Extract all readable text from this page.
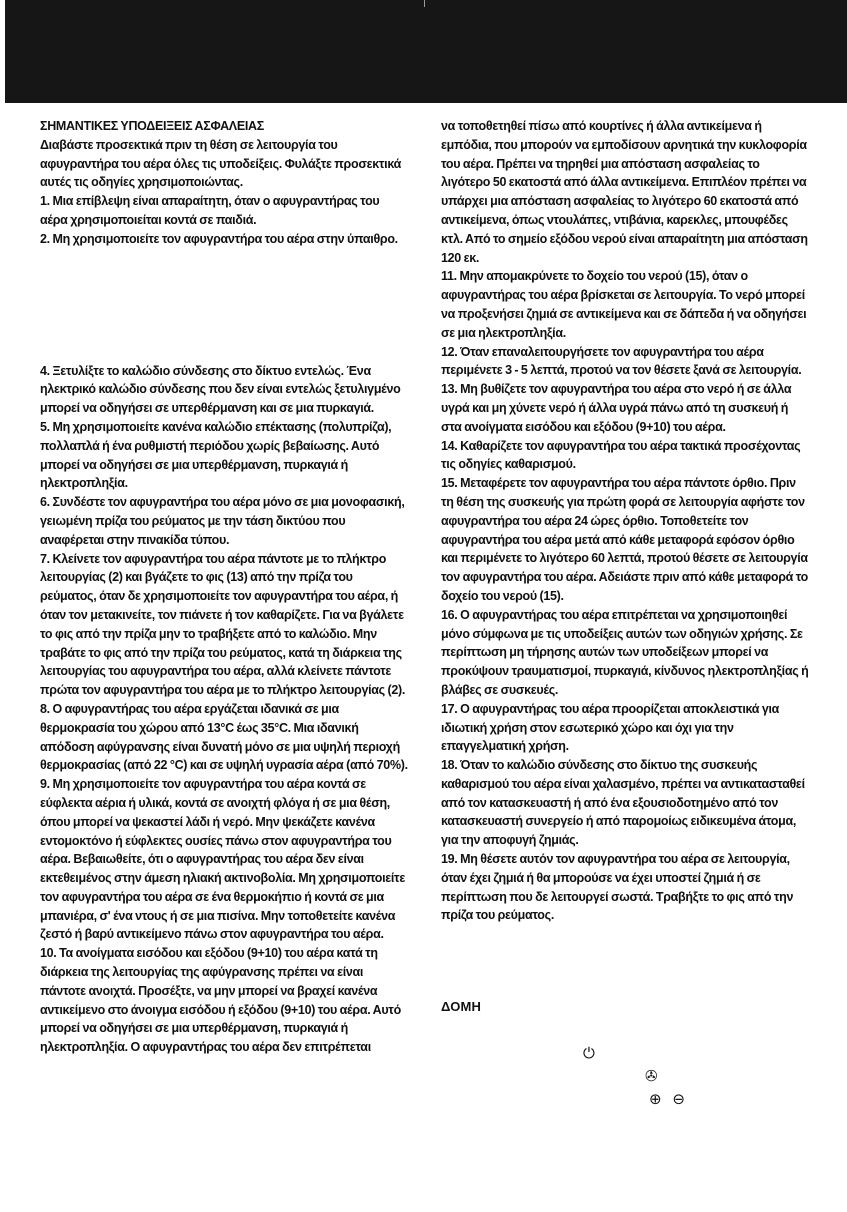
ΣΗΜΑΝΤΙΚΕΣ ΥΠΟΔΕΙΞΕΙΣ ΑΣΦΑΛΕΙΑΣ

Διαβάστε προσεκτικά πριν τη θέση σε λειτουργία του αφυγραντήρα του αέρα όλες τις υποδείξεις. Φυλάξτε προσεκτικά αυτές τις οδηγίες χρησιμοποιώντας.

1. Μια επίβλεψη είναι απαραίτητη, όταν ο αφυγραντήρας του αέρα χρησιμοποιείται κοντά σε παιδιά.

2. Μη χρησιμοποιείτε τον αφυγραντήρα του αέρα στην ύπαιθρο.

4. Ξετυλίξτε το καλώδιο σύνδεσης στο δίκτυο εντελώς. Ένα ηλεκτρικό καλώδιο σύνδεσης που δεν είναι εντελώς ξετυλιγμένο μπορεί να οδηγήσει σε υπερθέρμανση και σε μια πυρκαγιά.

5. Μη χρησιμοποιείτε κανένα καλώδιο επέκτασης (πολυπρίζα), πολλαπλά ή ένα ρυθμιστή περιόδου χωρίς βεβαίωσης. Αυτό μπορεί να οδηγήσει σε μια υπερθέρμανση, πυρκαγιά ή ηλεκτροπληξία.

6. Συνδέστε τον αφυγραντήρα του αέρα μόνο σε μια μονοφασική, γειωμένη πρίζα του ρεύματος με την τάση δικτύου που αναφέρεται στην πινακίδα τύπου.

7. Κλείνετε τον αφυγραντήρα του αέρα πάντοτε με το πλήκτρο λειτουργίας (2) και βγάζετε το φις (13) από την πρίζα του ρεύματος, όταν δε χρησιμοποιείτε τον αφυγραντήρα του αέρα, ή όταν τον μετακινείτε, τον πιάνετε ή τον καθαρίζετε. Για να βγάλετε το φις από την πρίζα μην το τραβήξετε από το καλώδιο. Μην τραβάτε το φις από την πρίζα του ρεύματος, κατά τη διάρκεια της λειτουργίας του αφυγραντήρα του αέρα, αλλά κλείνετε πάντοτε πρώτα τον αφυγραντήρα του αέρα με το πλήκτρο λειτουργίας (2).

8. Ο αφυγραντήρας του αέρα εργάζεται ιδανικά σε μια θερμοκρασία του χώρου από 13°C έως 35°C. Μια ιδανική απόδοση αφύγρανσης είναι δυνατή μόνο σε μια υψηλή περιοχή θερμοκρασίας (από 22 °C) και σε υψηλή υγρασία αέρα (από 70%).

9. Μη χρησιμοποιείτε τον αφυγραντήρα του αέρα κοντά σε εύφλεκτα αέρια ή υλικά, κοντά σε ανοιχτή φλόγα ή σε μια θέση, όπου μπορεί να ψεκαστεί λάδι ή νερό. Μην ψεκάζετε κανένα εντομοκτόνο ή εύφλεκτες ουσίες πάνω στον αφυγραντήρα του αέρα. Βεβαιωθείτε, ότι ο αφυγραντήρας του αέρα δεν είναι εκτεθειμένος στην άμεση ηλιακή ακτινοβολία. Μη χρησιμοποιείτε τον αφυγραντήρα του αέρα σε ένα θερμοκήπιο ή κοντά σε μια μπανιέρα, σ' ένα ντους ή σε μια πισίνα. Μην τοποθετείτε κανένα ζεστό ή βαρύ αντικείμενο πάνω στον αφυγραντήρα του αέρα.

10. Τα ανοίγματα εισόδου και εξόδου (9+10) του αέρα κατά τη διάρκεια της λειτουργίας της αφύγρανσης πρέπει να είναι πάντοτε ανοιχτά. Προσέξτε, να μην μπορεί να βραχεί κανένα αντικείμενο στο άνοιγμα εισόδου ή εξόδου (9+10) του αέρα. Αυτό μπορεί να οδηγήσει σε μια υπερθέρμανση, πυρκαγιά ή ηλεκτροπληξία. Ο αφυγραντήρας του αέρα δεν επιτρέπεται

να τοποθετηθεί πίσω από κουρτίνες ή άλλα αντικείμενα ή εμπόδια, που μπορούν να εμποδίσουν αρνητικά την κυκλοφορία του αέρα. Πρέπει να τηρηθεί μια απόσταση ασφαλείας το λιγότερο 50 εκατοστά από άλλα αντικείμενα. Επιπλέον πρέπει να υπάρχει μια απόσταση ασφαλείας το λιγότερο 60 εκατοστά από αντικείμενα, όπως ντουλάπες, ντιβάνια, καρεκλες, μπουφέδες κτλ. Από το σημείο εξόδου νερού είναι απαραίτητη μια απόσταση 120 εκ.

11. Μην απομακρύνετε το δοχείο του νερού (15), όταν ο αφυγραντήρας του αέρα βρίσκεται σε λειτουργία. Το νερό μπορεί να προξενήσει ζημιά σε αντικείμενα και σε δάπεδα ή να οδηγήσει σε μια ηλεκτροπληξία.

12. Όταν επαναλειτουργήσετε τον αφυγραντήρα του αέρα περιμένετε 3 - 5 λεπτά, προτού να τον θέσετε ξανά σε λειτουργία.

13. Μη βυθίζετε τον αφυγραντήρα του αέρα στο νερό ή σε άλλα υγρά και μη χύνετε νερό ή άλλα υγρά πάνω από τη συσκευή ή στα ανοίγματα εισόδου και εξόδου (9+10) του αέρα.

14. Καθαρίζετε τον αφυγραντήρα του αέρα τακτικά προσέχοντας τις οδηγίες καθαρισμού.

15. Μεταφέρετε τον αφυγραντήρα του αέρα πάντοτε όρθιο. Πριν τη θέση της συσκευής για πρώτη φορά σε λειτουργία αφήστε τον αφυγραντήρα του αέρα 24 ώρες όρθιο. Τοποθετείτε τον αφυγραντήρα του αέρα μετά από κάθε μεταφορά εφόσον όρθιο και περιμένετε το λιγότερο 60 λεπτά, προτού θέσετε σε λειτουργία τον αφυγραντήρα του αέρα. Αδειάστε πριν από κάθε μεταφορά το δοχείο του νερού (15).

16. Ο αφυγραντήρας του αέρα επιτρέπεται να χρησιμοποιηθεί μόνο σύμφωνα με τις υποδείξεις αυτών των οδηγιών χρήσης. Σε περίπτωση μη τήρησης αυτών των υποδείξεων μπορεί να προκύψουν τραυματισμοί, πυρκαγιά, κίνδυνος ηλεκτροπληξίας ή βλάβες σε συσκευές.

17. Ο αφυγραντήρας του αέρα προορίζεται αποκλειστικά για ιδιωτική χρήση στον εσωτερικό χώρο και όχι για την επαγγελματική χρήση.

18. Όταν το καλώδιο σύνδεσης στο δίκτυο της συσκευής καθαρισμού του αέρα είναι χαλασμένο, πρέπει να αντικατασταθεί από τον κατασκευαστή ή από ένα εξουσιοδοτημένο από τον κατασκευαστή συνεργείο ή από παρομοίως ειδικευμένα άτομα, για την αποφυγή ζημιάς.

19. Μη θέσετε αυτόν τον αφυγραντήρα του αέρα σε λειτουργία, όταν έχει ζημιά ή θα μπορούσε να έχει υποστεί ζημιά ή σε περίπτωση που δε λειτουργεί σωστά. Τραβήξτε το φις από την πρίζα του ρεύματος.

ΔΟΜΗ
⏻
✇
⊕ ⊖
